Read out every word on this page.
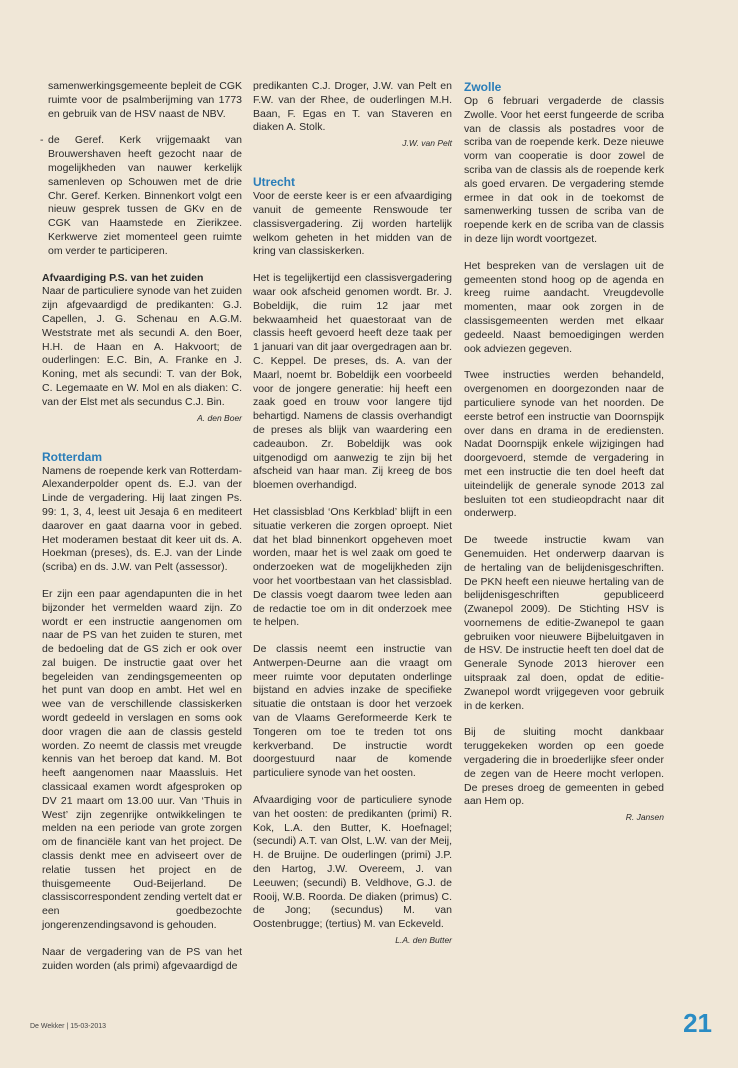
samenwerkingsgemeente bepleit de CGK ruimte voor de psalmberijming van 1773 en gebruik van de HSV naast de NBV.

- de Geref. Kerk vrijgemaakt van Brouwershaven heeft gezocht naar de mogelijkheden van nauwer kerkelijk samenleven op Schouwen met de drie Chr. Geref. Kerken. Binnenkort volgt een nieuw gesprek tussen de GKv en de CGK van Haamstede en Zierikzee. Kerkwerve ziet momenteel geen ruimte om verder te participeren.

Afvaardiging P.S. van het zuiden

Naar de particuliere synode van het zuiden zijn afgevaardigd de predikanten: G.J. Capellen, J. G. Schenau en A.G.M. Weststrate met als secundi A. den Boer, H.H. de Haan en A. Hakvoort; de ouderlingen: E.C. Bin, A. Franke en J. Koning, met als secundi: T. van der Bok, C. Legemaate en W. Mol en als diaken: C. van der Elst met als secundus C.J. Bin.

A. den Boer
Rotterdam

Namens de roepende kerk van Rotterdam-Alexanderpolder opent ds. E.J. van der Linde de vergadering. Hij laat zingen Ps. 99: 1, 3, 4, leest uit Jesaja 6 en mediteert daarover en gaat daarna voor in gebed. Het moderamen bestaat dit keer uit ds. A. Hoekman (preses), ds. E.J. van der Linde (scriba) en ds. J.W. van Pelt (assessor).

Er zijn een paar agendapunten die in het bijzonder het vermelden waard zijn. Zo wordt er een instructie aangenomen om naar de PS van het zuiden te sturen, met de bedoeling dat de GS zich er ook over zal buigen. De instructie gaat over het begeleiden van zendingsgemeenten op het punt van doop en ambt. Het wel en wee van de verschillende classiskerken wordt gedeeld in verslagen en soms ook door vragen die aan de classis gesteld worden. Zo neemt de classis met vreugde kennis van het beroep dat kand. M. Bot heeft aangenomen naar Maassluis. Het classicaal examen wordt afgesproken op DV 21 maart om 13.00 uur. Van ‘Thuis in West’ zijn zegenrijke ontwikkelingen te melden na een periode van grote zorgen om de financiële kant van het project. De classis denkt mee en adviseert over de relatie tussen het project en de thuisgemeente Oud-Beijerland. De classiscorrespondent zending vertelt dat er een goedbezochte jongerenzendingsavond is gehouden.

Naar de vergadering van de PS van het zuiden worden (als primi) afgevaardigd de

predikanten C.J. Droger, J.W. van Pelt en F.W. van der Rhee, de ouderlingen M.H. Baan, F. Egas en T. van Staveren en diaken A. Stolk.

J.W. van Pelt
Utrecht

Voor de eerste keer is er een afvaardiging vanuit de gemeente Renswoude ter classisvergadering. Zij worden hartelijk welkom geheten in het midden van de kring van classiskerken.

Het is tegelijkertijd een classisvergadering waar ook afscheid genomen wordt. Br. J. Bobeldijk, die ruim 12 jaar met bekwaamheid het quaestoraat van de classis heeft gevoerd heeft deze taak per 1 januari van dit jaar overgedragen aan br. C. Keppel. De preses, ds. A. van der Maarl, noemt br. Bobeldijk een voorbeeld voor de jongere generatie: hij heeft een zaak goed en trouw voor langere tijd behartigd. Namens de classis overhandigt de preses als blijk van waardering een cadeaubon. Zr. Bobeldijk was ook uitgenodigd om aanwezig te zijn bij het afscheid van haar man. Zij kreeg de bos bloemen overhandigd.

Het classisblad ‘Ons Kerkblad’ blijft in een situatie verkeren die zorgen oproept. Niet dat het blad binnenkort opgeheven moet worden, maar het is wel zaak om goed te onderzoeken wat de mogelijkheden zijn voor het voortbestaan van het classisblad. De classis voegt daarom twee leden aan de redactie toe om in dit onderzoek mee te helpen.

De classis neemt een instructie van Antwerpen-Deurne aan die vraagt om meer ruimte voor deputaten onderlinge bijstand en advies inzake de specifieke situatie die ontstaan is door het verzoek van de Vlaams Gereformeerde Kerk te Tongeren om toe te treden tot ons kerkverband. De instructie wordt doorgestuurd naar de komende particuliere synode van het oosten.

Afvaardiging voor de particuliere synode van het oosten: de predikanten (primi) R. Kok, L.A. den Butter, K. Hoefnagel; (secundi) A.T. van Olst, L.W. van der Meij, H. de Bruijne. De ouderlingen (primi) J.P. den Hartog, J.W. Overeem, J. van Leeuwen; (secundi) B. Veldhove, G.J. de Rooij, W.B. Roorda. De diaken (primus) C. de Jong; (secundus) M. van Oostenbrugge; (tertius) M. van Eckeveld.

L.A. den Butter
Zwolle

Op 6 februari vergaderde de classis Zwolle. Voor het eerst fungeerde de scriba van de classis als postadres voor de scriba van de roepende kerk. Deze nieuwe vorm van cooperatie is door zowel de scriba van de classis als de roepende kerk als goed ervaren. De vergadering stemde ermee in dat ook in de toekomst de samenwerking tussen de scriba van de roepende kerk en de scriba van de classis in deze lijn wordt voortgezet.

Het bespreken van de verslagen uit de gemeenten stond hoog op de agenda en kreeg ruime aandacht. Vreugdevolle momenten, maar ook zorgen in de classisgemeenten werden met elkaar gedeeld. Naast bemoedigingen werden ook adviezen gegeven.

Twee instructies werden behandeld, overgenomen en doorgezonden naar de particuliere synode van het noorden. De eerste betrof een instructie van Doornspijk over dans en drama in de erediensten. Nadat Doornspijk enkele wijzigingen had doorgevoerd, stemde de vergadering in met een instructie die ten doel heeft dat uiteindelijk de generale synode 2013 zal besluiten tot een studieopdracht naar dit onderwerp.

De tweede instructie kwam van Genemuiden. Het onderwerp daarvan is de hertaling van de belijdenisgeschriften. De PKN heeft een nieuwe hertaling van de belijdenisgeschriften gepubliceerd (Zwanepol 2009). De Stichting HSV is voornemens de editie-Zwanepol te gaan gebruiken voor nieuwere Bijbeluitgaven in de HSV. De instructie heeft ten doel dat de Generale Synode 2013 hierover een uitspraak zal doen, opdat de editie-Zwanepol wordt vrijgegeven voor gebruik in de kerken.

Bij de sluiting mocht dankbaar teruggekeken worden op een goede vergadering die in broederlijke sfeer onder de zegen van de Heere mocht verlopen. De preses droeg de gemeenten in gebed aan Hem op.

R. Jansen
De Wekker | 15-03-2013	21
